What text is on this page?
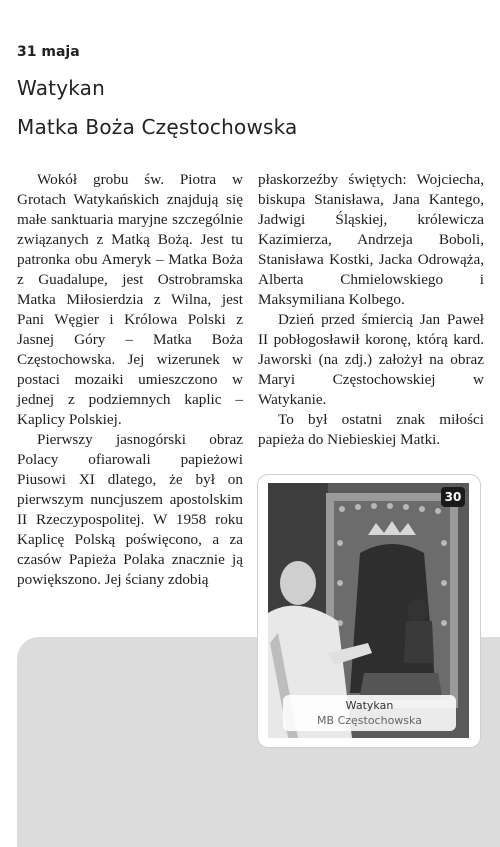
31 maja
Watykan
Matka Boża Częstochowska

Wokół grobu św. Piotra w Grotach Watykańskich znajdują się małe sanktuaria maryjne szczególnie związanych z Matką Bożą. Jest tu patronka obu Ameryk – Matka Boża z Guadalupe, jest Ostrobramska Matka Miłosierdzia z Wilna, jest Pani Węgier i Królowa Polski z Jasnej Góry – Matka Boża Częstochowska. Jej wizerunek w postaci mozaiki umieszczono w jednej z podziemnych kaplic – Kaplicy Polskiej.

Pierwszy jasnogórski obraz Polacy ofiarowali papieżowi Piusowi XI dlatego, że był on pierwszym nuncjuszem apostolskim II Rzeczypospolitej. W 1958 roku Kaplicę Polską poświęcono, a za czasów Papieża Polaka znacznie ją powiększono. Jej ściany zdobią

płaskorzeźby świętych: Wojciecha, biskupa Stanisława, Jana Kantego, Jadwigi Śląskiej, królewicza Kazimierza, Andrzeja Boboli, Stanisława Kostki, Jacka Odrowąża, Alberta Chmielowskiego i Maksymiliana Kolbego.

Dzień przed śmiercią Jan Paweł II pobłogosławił koronę, którą kard. Jaworski (na zdj.) założył na obraz Maryi Częstochowskiej w Watykanie.

To był ostatni znak miłości papieża do Niebieskiej Matki.

30
Watykan
MB Częstochowska
